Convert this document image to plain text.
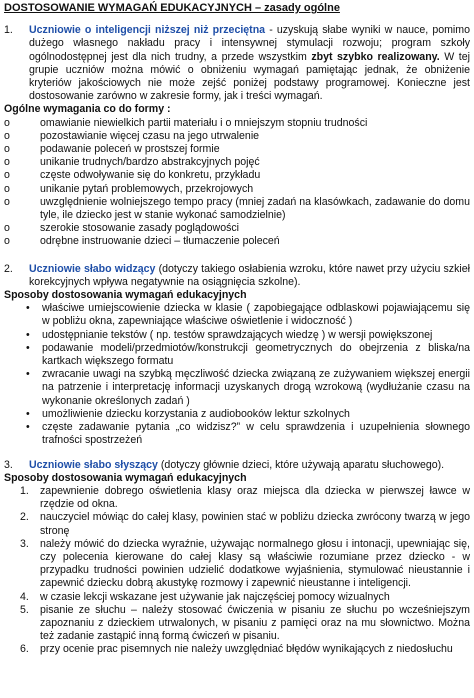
DOSTOSOWANIE WYMAGAŃ EDUKACYJNYCH – zasady ogólne
1.	Uczniowie o inteligencji niższej niż przeciętna - uzyskują słabe wyniki w nauce, pomimo dużego własnego nakładu pracy i intensywnej stymulacji rozwoju; program szkoły ogólnodostępnej jest dla nich trudny, a przede wszystkim zbyt szybko realizowany. W tej grupie uczniów można mówić o obniżeniu wymagań pamiętając jednak, że obniżenie kryteriów jakościowych nie może zejść poniżej podstawy programowej. Konieczne jest dostosowanie zarówno w zakresie formy, jak i treści wymagań.
Ogólne wymagania co do formy :
o	omawianie niewielkich partii materiału i o mniejszym stopniu trudności
o	pozostawianie więcej czasu na jego utrwalenie
o	podawanie poleceń w prostszej formie
o	unikanie trudnych/bardzo abstrakcyjnych pojęć
o	częste odwoływanie się do konkretu, przykładu
o	unikanie pytań problemowych, przekrojowych
o	uwzględnienie wolniejszego tempo pracy (mniej zadań na klasówkach, zadawanie do domu tyle, ile dziecko jest w stanie wykonać samodzielnie)
o	szerokie stosowanie zasady poglądowości
o	odrębne instruowanie dzieci – tłumaczenie poleceń
2.	Uczniowie słabo widzący (dotyczy takiego osłabienia wzroku, które nawet przy użyciu szkieł korekcyjnych wpływa negatywnie na osiągnięcia szkolne).
Sposoby dostosowania wymagań edukacyjnych
•	właściwe umiejscowienie dziecka w klasie ( zapobiegające odblaskowi pojawiającemu się w pobliżu okna, zapewniające właściwe oświetlenie i widoczność )
•	udostępnianie tekstów ( np. testów sprawdzających wiedzę ) w wersji powiększonej
•	podawanie modeli/przedmiotów/konstrukcji geometrycznych do obejrzenia z bliska/na kartkach większego formatu
•	zwracanie uwagi na szybką męczliwość dziecka związaną ze zużywaniem większej energii na patrzenie i interpretację informacji uzyskanych drogą wzrokową (wydłużanie czasu na wykonanie określonych zadań )
•	umożliwienie dziecku korzystania z audiobooków lektur szkolnych
•	częste zadawanie pytania „co widzisz?” w celu sprawdzenia i uzupełnienia słownego trafności spostrzeżeń
3.	Uczniowie słabo słyszący (dotyczy głównie dzieci, które używają aparatu słuchowego).
Sposoby dostosowania wymagań edukacyjnych
1.	zapewnienie dobrego oświetlenia klasy oraz miejsca dla dziecka w pierwszej ławce w rzędzie od okna.
2.	nauczyciel mówiąc do całej klasy, powinien stać w pobliżu dziecka zwrócony twarzą w jego stronę
3.	należy mówić do dziecka wyraźnie, używając normalnego głosu i intonacji, upewniając się, czy polecenia kierowane do całej klasy są właściwie rozumiane przez dziecko - w przypadku trudności powinien udzielić dodatkowe wyjaśnienia, stymulować nieustannie i zapewnić dziecku dobrą akustykę rozmowy i zapewnić nieustanne i inteligencji.
4.	w czasie lekcji wskazane jest używanie jak najczęściej pomocy wizualnych
5.	pisanie ze słuchu – należy stosować ćwiczenia w pisaniu ze słuchu po wcześniejszym zapoznaniu z dzieckiem utrwalonych, w pisaniu z pamięci oraz na mu słownictwo. Można też zadanie zastąpić inną formą ćwiczeń w pisaniu.
6.	przy ocenie prac pisemnych nie należy uwzględniać błędów wynikających z niedosłuchu
